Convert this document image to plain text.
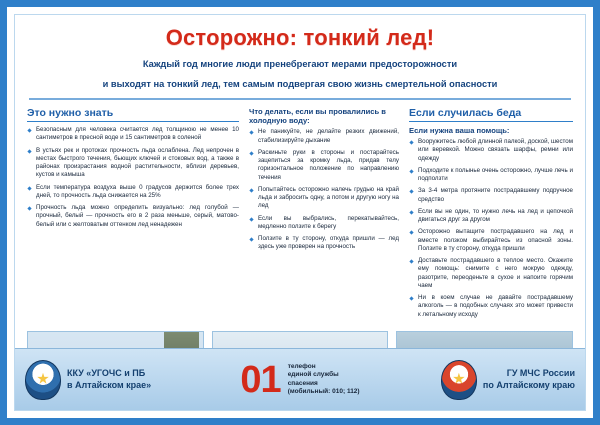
Осторожно: тонкий лед!
Каждый год многие люди пренебрегают мерами предосторожности
и выходят на тонкий лед, тем самым подвергая свою жизнь смертельной опасности
Это нужно знать
Безопасным для человека считается лед толщиною не менее 10 сантиметров в пресной воде и 15 сантиметров в соленой
В устьях рек и протоках прочность льда ослаблена. Лед непрочен в местах быстрого течения, бьющих ключей и стоковых вод, а также в районах произрастания водной растительности, вблизи деревьев, кустов и камыша
Если температура воздуха выше 0 градусов держится более трех дней, то прочность льда снижается на 25%
Прочность льда можно определить визуально: лед голубой — прочный, белый — прочность его в 2 раза меньше, серый, матово-белый или с желтоватым оттенком лед ненадежен
Что делать, если вы провалились в холодную воду:
Не паникуйте, не делайте резких движений, стабилизируйте дыхание
Раскиньте руки в стороны и постарайтесь зацепиться за кромку льда, придав телу горизонтальное положение по направлению течения
Попытайтесь осторожно налечь грудью на край льда и забросить одну, а потом и другую ногу на лед
Если вы выбрались, перекатывайтесь, медленно ползите к берегу
Ползите в ту сторону, откуда пришли — лед здесь уже проверен на прочность
Если случилась беда
Если нужна ваша помощь:
Вооружитесь любой длинной палкой, доской, шестом или веревкой. Можно связать шарфы, ремни или одежду
Подходите к полынье очень осторожно, лучше лечь и подползти
За 3-4 метра протяните пострадавшему подручное средство
Если вы не один, то нужно лечь на лед и цепочкой двигаться друг за другом
Осторожно вытащите пострадавшего на лед и вместе ползком выбирайтесь из опасной зоны. Ползите в ту сторону, откуда пришли
Доставьте пострадавшего в теплое место. Окажите ему помощь: снимите с него мокрую одежду, разотрите, переоденьте в сухое и напоите горячим чаем
Ни в коем случае не давайте пострадавшему алкоголь — в подобных случаях это может привести к летальному исходу
ККУ «УГОЧС и ПБ
в Алтайском крае» 01 телефон
единой службы
спасения
(мобильный: 010; 112)
ГУ МЧС России
по Алтайскому краю
